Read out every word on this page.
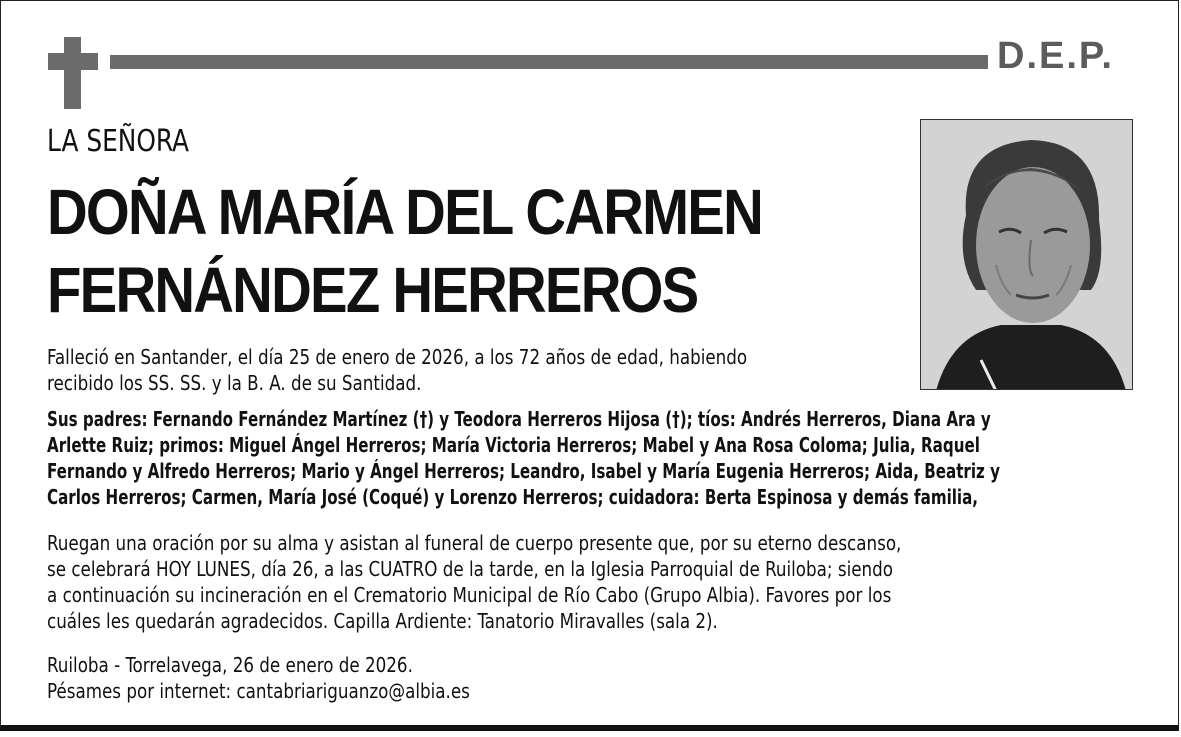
D.E.P.
LA SEÑORA
DOÑA MARÍA DEL CARMEN
FERNÁNDEZ HERREROS
Falleció en Santander, el día 25 de enero de 2026, a los 72 años de edad, habiendo
recibido los SS. SS. y la B. A. de su Santidad.
Sus padres: Fernando Fernández Martínez (†) y Teodora Herreros Hijosa (†); tíos: Andrés Herreros, Diana Ara y
Arlette Ruiz; primos: Miguel Ángel Herreros; María Victoria Herreros; Mabel y Ana Rosa Coloma; Julia, Raquel
Fernando y Alfredo Herreros; Mario y Ángel Herreros; Leandro, Isabel y María Eugenia Herreros; Aida, Beatriz y
Carlos Herreros; Carmen, María José (Coqué) y Lorenzo Herreros; cuidadora: Berta Espinosa y demás familia,
Ruegan una oración por su alma y asistan al funeral de cuerpo presente que, por su eterno descanso,
se celebrará HOY LUNES, día 26, a las CUATRO de la tarde, en la Iglesia Parroquial de Ruiloba; siendo
a continuación su incineración en el Crematorio Municipal de Río Cabo (Grupo Albia). Favores por los
cuáles les quedarán agradecidos. Capilla Ardiente: Tanatorio Miravalles (sala 2).
Ruiloba - Torrelavega, 26 de enero de 2026.
Pésames por internet: cantabriariguanzo@albia.es
